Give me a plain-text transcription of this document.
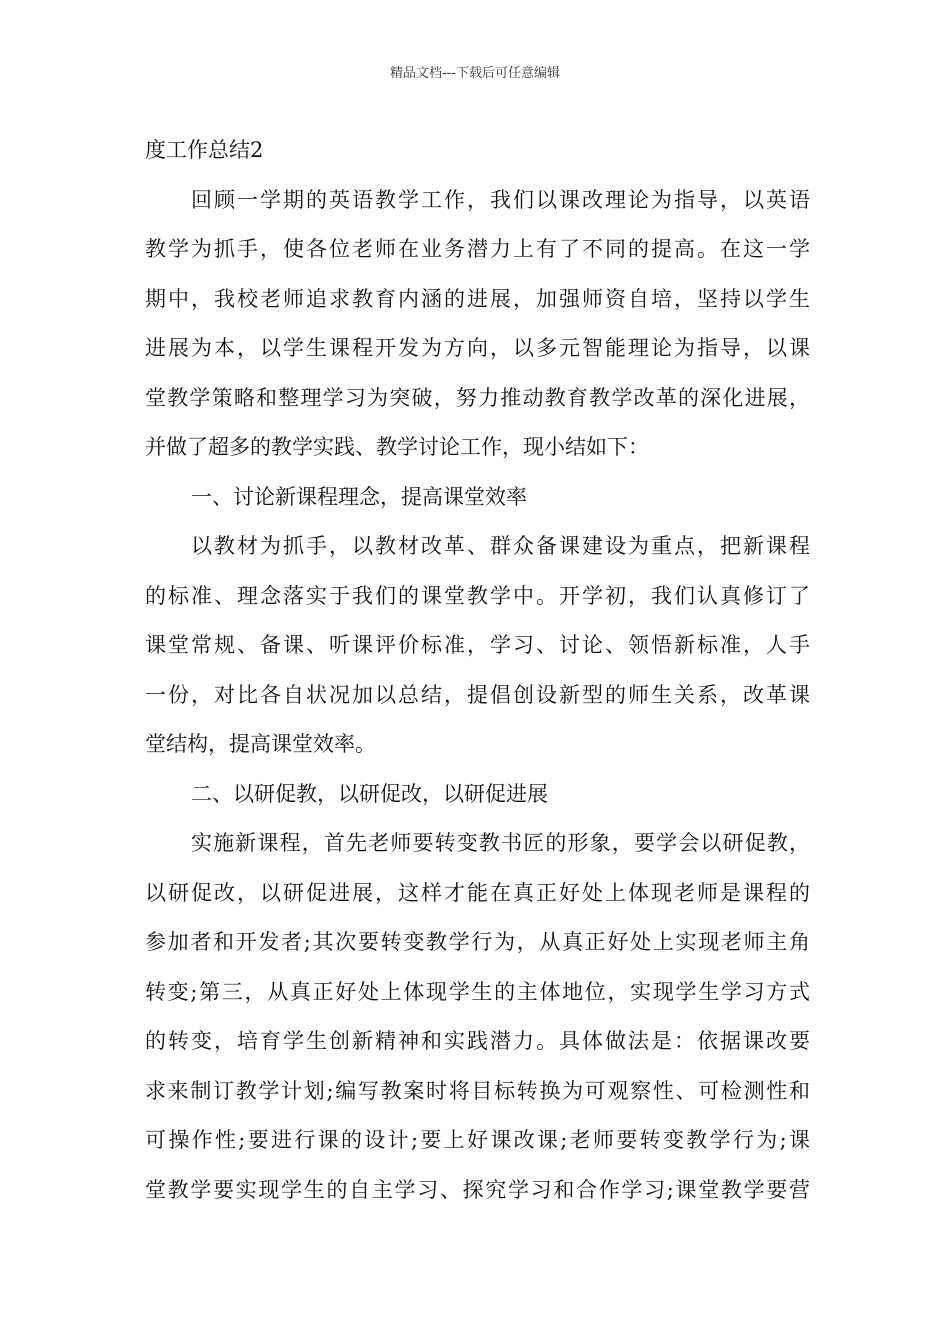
精品文档---下载后可任意编辑
度工作总结2
回顾一学期的英语教学工作，我们以课改理论为指导，以英语
教学为抓手，使各位老师在业务潜力上有了不同的提高。在这一学
期中，我校老师追求教育内涵的进展，加强师资自培，坚持以学生
进展为本，以学生课程开发为方向，以多元智能理论为指导，以课
堂教学策略和整理学习为突破，努力推动教育教学改革的深化进展，
并做了超多的教学实践、教学讨论工作，现小结如下：
一、讨论新课程理念，提高课堂效率
以教材为抓手，以教材改革、群众备课建设为重点，把新课程
的标准、理念落实于我们的课堂教学中。开学初，我们认真修订了
课堂常规、备课、听课评价标准，学习、讨论、领悟新标准，人手
一份，对比各自状况加以总结，提倡创设新型的师生关系，改革课
堂结构，提高课堂效率。
二、以研促教，以研促改，以研促进展
实施新课程，首先老师要转变教书匠的形象，要学会以研促教，
以研促改，以研促进展，这样才能在真正好处上体现老师是课程的
参加者和开发者;其次要转变教学行为，从真正好处上实现老师主角
转变;第三，从真正好处上体现学生的主体地位，实现学生学习方式
的转变，培育学生创新精神和实践潜力。具体做法是：依据课改要
求来制订教学计划;编写教案时将目标转换为可观察性、可检测性和
可操作性;要进行课的设计;要上好课改课;老师要转变教学行为;课
堂教学要实现学生的自主学习、探究学习和合作学习;课堂教学要营
